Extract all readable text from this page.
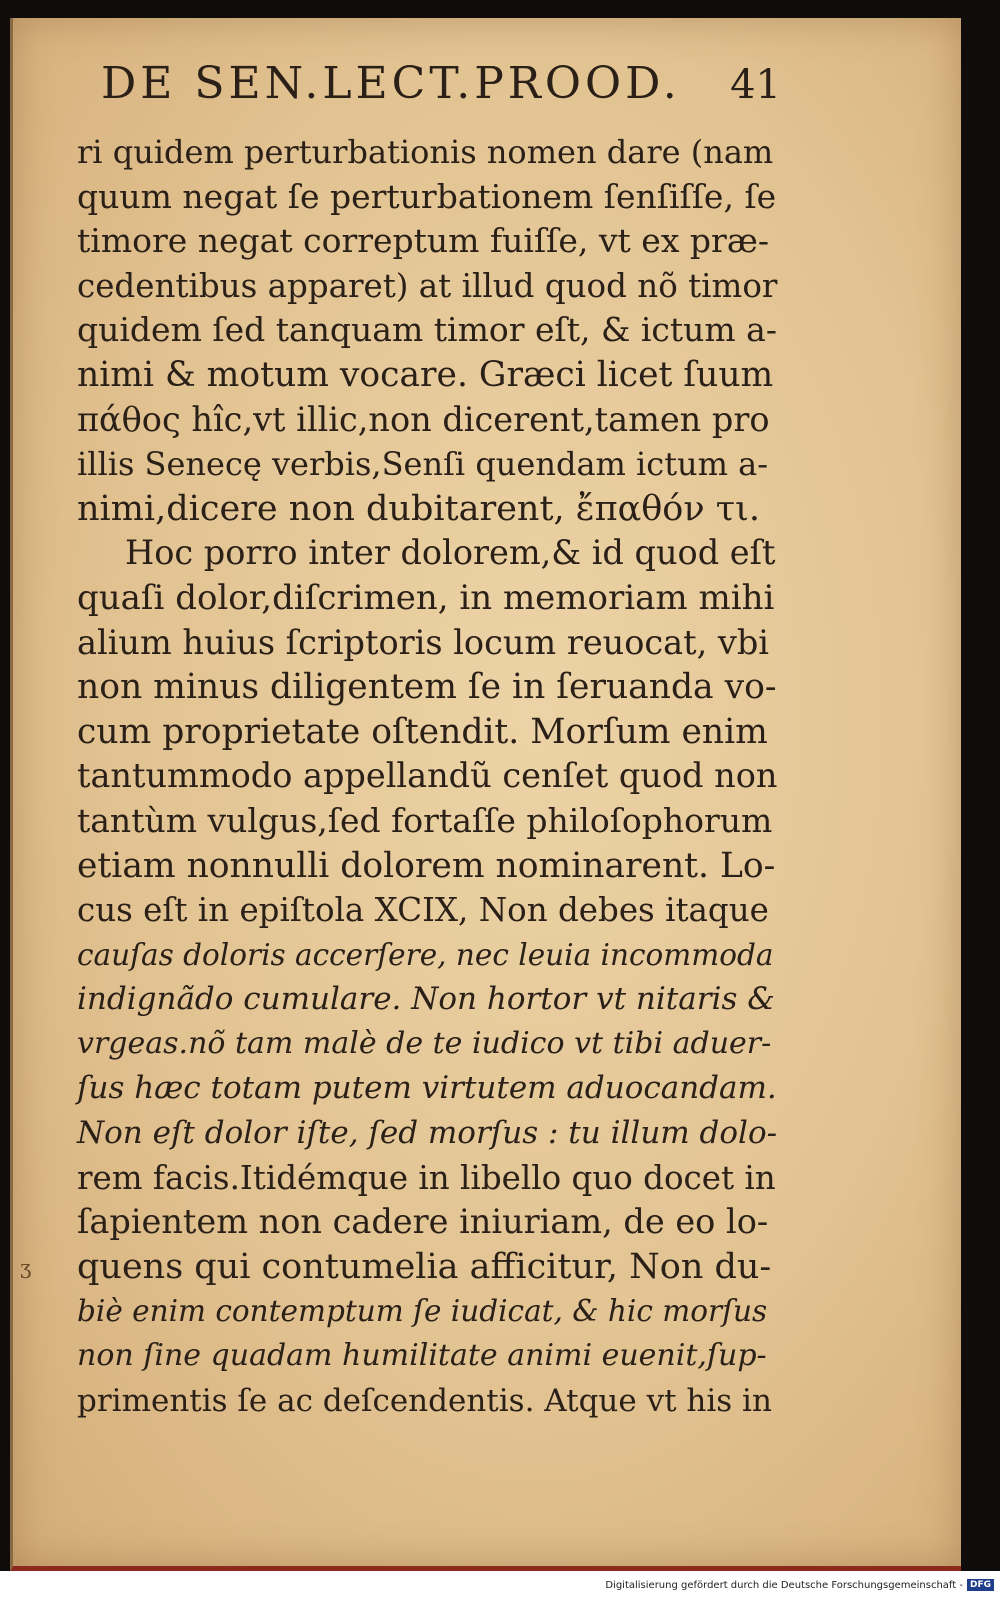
DE SEN.LECT.PROOD. 41
ri quidem perturbationis nomen dare (nam
quum negat ſe perturbationem ſenſiſſe, ſe
timore negat correptum fuiſſe, vt ex præ-
cedentibus apparet) at illud quod nõ timor
quidem ſed tanquam timor eſt, & ictum a-
nimi & motum vocare. Græci licet ſuum
πάθος hîc,vt illic,non dicerent,tamen pro
illis Senecę verbis,Senſi quendam ictum a-
nimi,dicere non dubitarent, ἔπαθόν τι.
Hoc porro inter dolorem,& id quod eſt
quaſi dolor,diſcrimen, in memoriam mihi
alium huius ſcriptoris locum reuocat, vbi
non minus diligentem ſe in ſeruanda vo-
cum proprietate oſtendit. Morſum enim
tantummodo appellandũ cenſet quod non
tantùm vulgus,ſed fortaſſe philoſophorum
etiam nonnulli dolorem nominarent. Lo-
cus eſt in epiſtola XCIX, Non debes itaque
cauſas doloris accerſere, nec leuia incommoda
indignãdo cumulare. Non hortor vt nitaris &
vrgeas.nõ tam malè de te iudico vt tibi aduer-
ſus hæc totam putem virtutem aduocandam.
Non eſt dolor iſte, ſed morſus : tu illum dolo-
rem facis.Itidémque in libello quo docet in
ſapientem non cadere iniuriam, de eo lo-
quens qui contumelia afficitur, Non du-
biè enim contemptum ſe iudicat, & hic morſus
non ſine quadam humilitate animi euenit,ſup-
primentis ſe ac deſcendentis. Atque vt his in
ʒ
Digitalisierung gefördert durch die Deutsche Forschungsgemeinschaft - DFG
